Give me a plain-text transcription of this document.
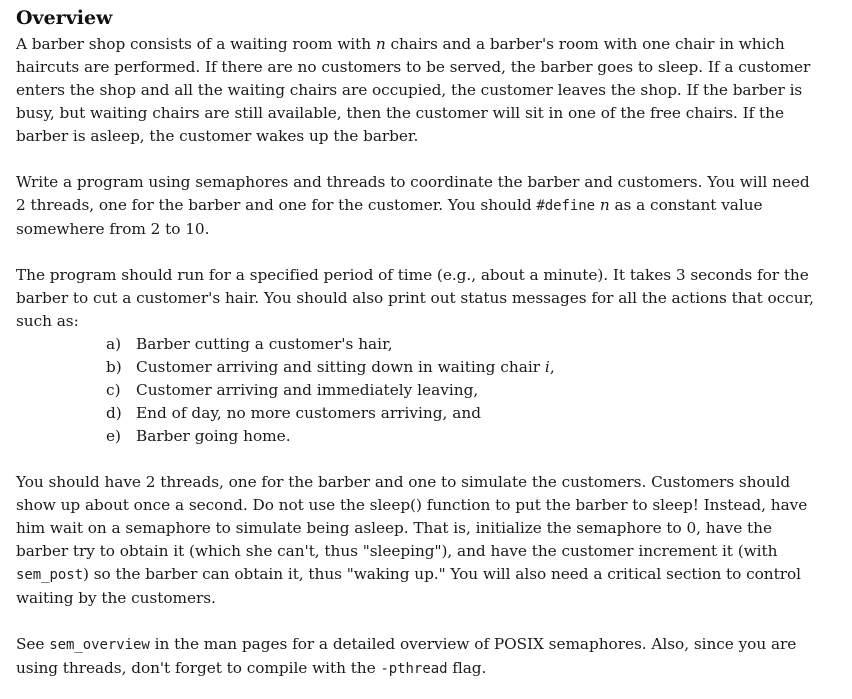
Overview

A barber shop consists of a waiting room with n chairs and a barber's room with one chair in which haircuts are performed. If there are no customers to be served, the barber goes to sleep. If a customer enters the shop and all the waiting chairs are occupied, the customer leaves the shop. If the barber is busy, but waiting chairs are still available, then the customer will sit in one of the free chairs. If the barber is asleep, the customer wakes up the barber.

Write a program using semaphores and threads to coordinate the barber and customers. You will need 2 threads, one for the barber and one for the customer. You should #define n as a constant value somewhere from 2 to 10.

The program should run for a specified period of time (e.g., about a minute). It takes 3 seconds for the barber to cut a customer's hair. You should also print out status messages for all the actions that occur, such as:

a) Barber cutting a customer's hair,
b) Customer arriving and sitting down in waiting chair i,
c)	Customer arriving and immediately leaving,
d) End of day, no more customers arriving, and
e) Barber going home.

You should have 2 threads, one for the barber and one to simulate the customers. Customers should show up about once a second. Do not use the sleep() function to put the barber to sleep! Instead, have him wait on a semaphore to simulate being asleep. That is, initialize the semaphore to 0, have the barber try to obtain it (which she can't, thus "sleeping"), and have the customer increment it (with sem_post) so the barber can obtain it, thus "waking up." You will also need a critical section to control waiting by the customers.

See sem_overview in the man pages for a detailed overview of POSIX semaphores. Also, since you are using threads, don't forget to compile with the -pthread flag.
